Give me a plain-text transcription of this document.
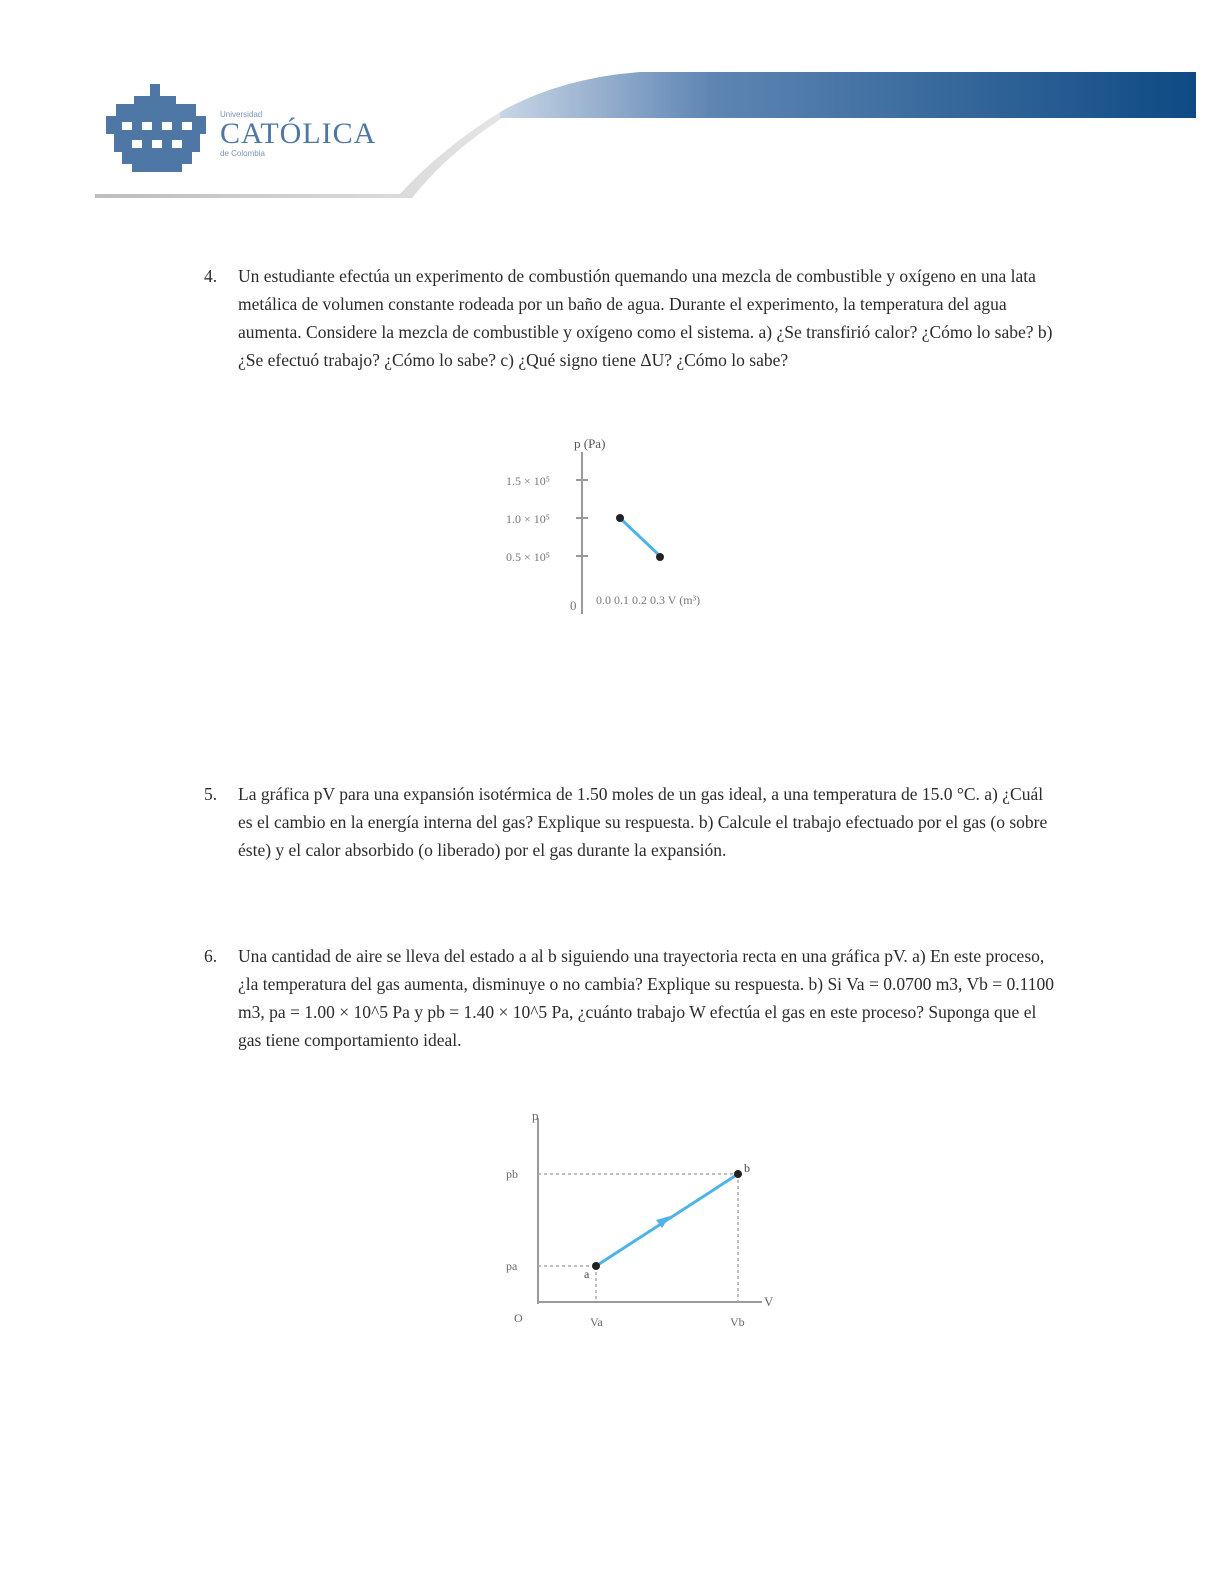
Universidad
CATÓLICA
de Colombia
4. Un estudiante efectúa un experimento de combustión quemando una mezcla de combustible y oxígeno en una lata metálica de volumen constante rodeada por un baño de agua. Durante el experimento, la temperatura del agua aumenta. Considere la mezcla de combustible y oxígeno como el sistema. a) ¿Se transfirió calor? ¿Cómo lo sabe? b) ¿Se efectuó trabajo? ¿Cómo lo sabe? c) ¿Qué signo tiene ΔU? ¿Cómo lo sabe?
p (Pa)
1.5 × 10⁵
1.0 × 10⁵
0.5 × 10⁵
0 0.0 0.1 0.2 0.3 V (m³)
5. La gráfica pV para una expansión isotérmica de 1.50 moles de un gas ideal, a una temperatura de 15.0 °C. a) ¿Cuál es el cambio en la energía interna del gas? Explique su respuesta. b) Calcule el trabajo efectuado por el gas (o sobre éste) y el calor absorbido (o liberado) por el gas durante la expansión.
6. Una cantidad de aire se lleva del estado a al b siguiendo una trayectoria recta en una gráfica pV. a) En este proceso, ¿la temperatura del gas aumenta, disminuye o no cambia? Explique su respuesta. b) Si Va = 0.0700 m3, Vb = 0.1100 m3, pa = 1.00 × 10^5 Pa y pb = 1.40 × 10^5 Pa, ¿cuánto trabajo W efectúa el gas en este proceso? Suponga que el gas tiene comportamiento ideal.
p
V
pb
pa
O	Va	Vb
a
b
